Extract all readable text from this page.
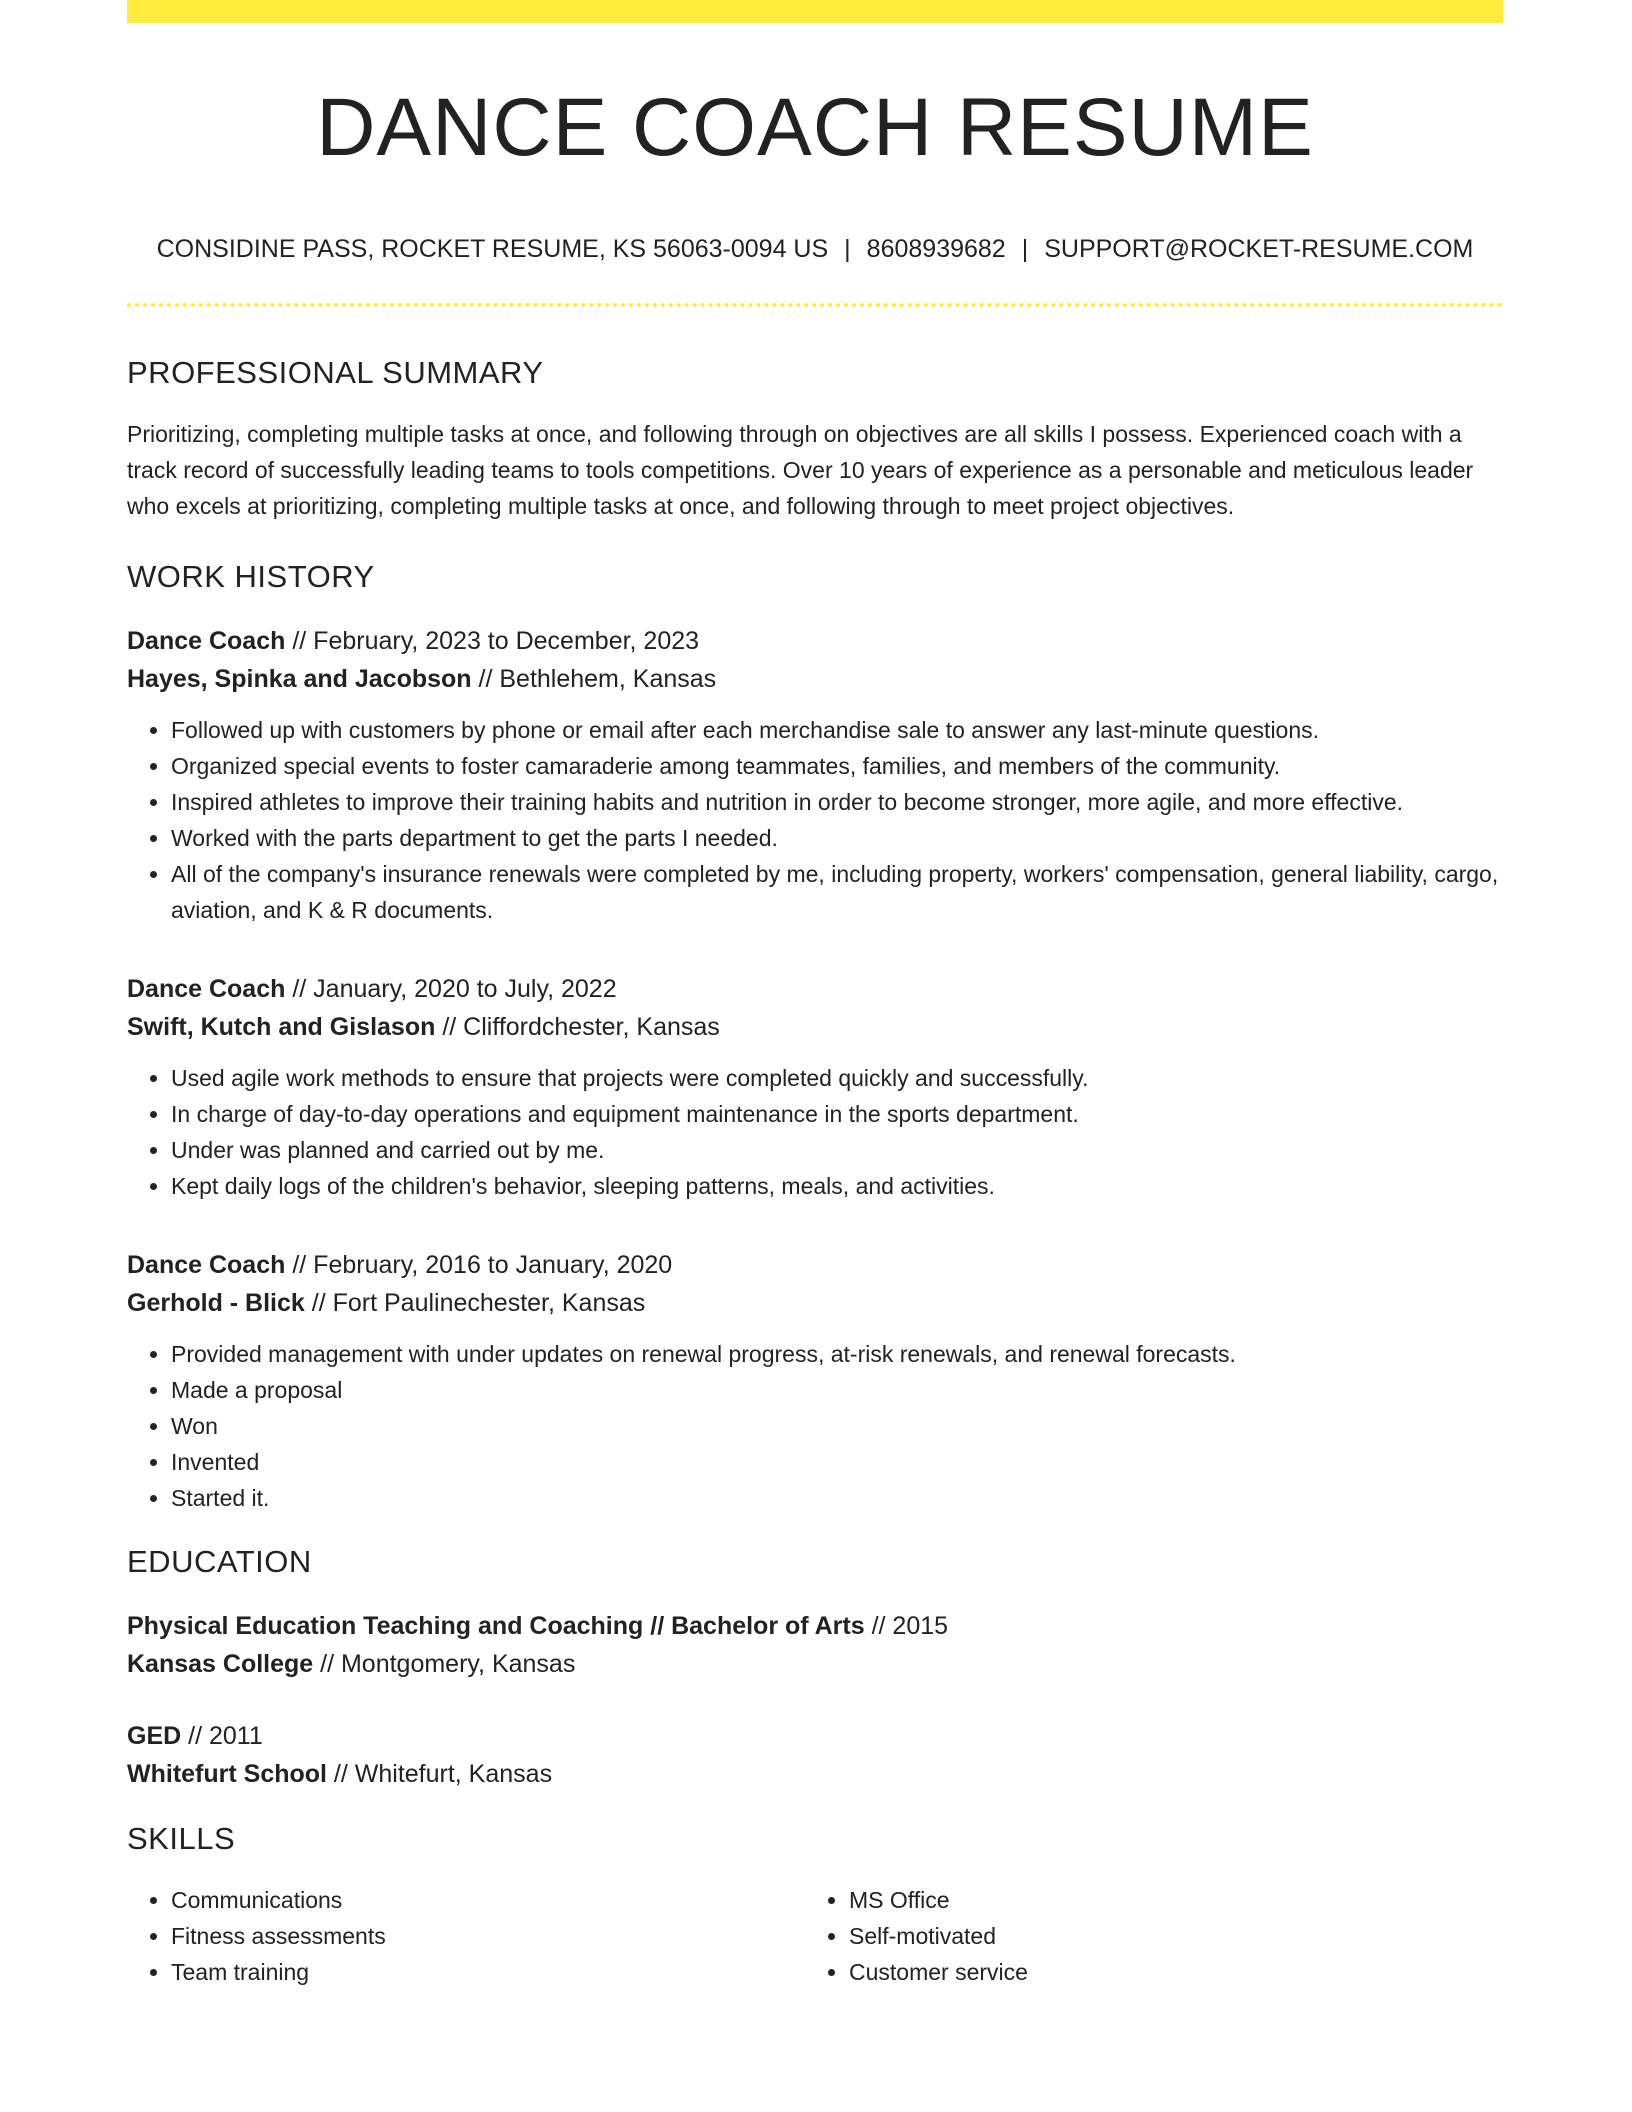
DANCE COACH RESUME
CONSIDINE PASS, ROCKET RESUME, KS 56063-0094 US | 8608939682 | SUPPORT@ROCKET-RESUME.COM
PROFESSIONAL SUMMARY

Prioritizing, completing multiple tasks at once, and following through on objectives are all skills I possess. Experienced coach with a track record of successfully leading teams to tools competitions. Over 10 years of experience as a personable and meticulous leader who excels at prioritizing, completing multiple tasks at once, and following through to meet project objectives.

WORK HISTORY
Dance Coach // February, 2023 to December, 2023
Hayes, Spinka and Jacobson // Bethlehem, Kansas
• Followed up with customers by phone or email after each merchandise sale to answer any last-minute questions.
• Organized special events to foster camaraderie among teammates, families, and members of the community.
• Inspired athletes to improve their training habits and nutrition in order to become stronger, more agile, and more effective.
• Worked with the parts department to get the parts I needed.
• All of the company's insurance renewals were completed by me, including property, workers' compensation, general liability, cargo, aviation, and K & R documents.
Dance Coach // January, 2020 to July, 2022
Swift, Kutch and Gislason // Cliffordchester, Kansas
• Used agile work methods to ensure that projects were completed quickly and successfully.
• In charge of day-to-day operations and equipment maintenance in the sports department.
• Under was planned and carried out by me.
• Kept daily logs of the children's behavior, sleeping patterns, meals, and activities.
Dance Coach // February, 2016 to January, 2020
Gerhold - Blick // Fort Paulinechester, Kansas
• Provided management with under updates on renewal progress, at-risk renewals, and renewal forecasts.
• Made a proposal
• Won
• Invented
• Started it.
EDUCATION
Physical Education Teaching and Coaching // Bachelor of Arts // 2015
Kansas College // Montgomery, Kansas
GED // 2011
Whitefurt School // Whitefurt, Kansas
SKILLS
• Communications
• Fitness assessments
• Team training
• MS Office
• Self-motivated
• Customer service
